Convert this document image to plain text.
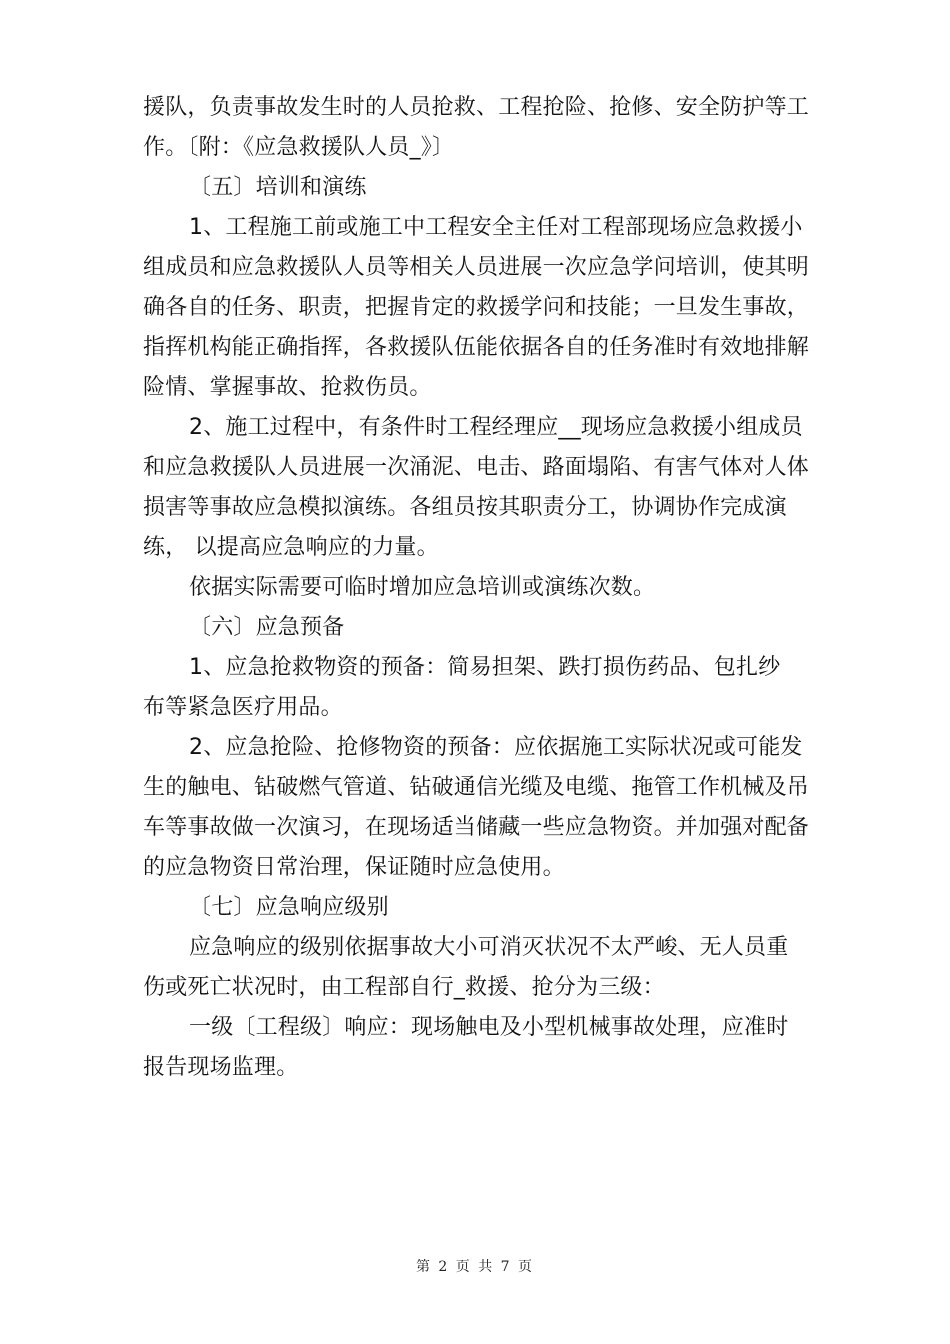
援队，负责事故发生时的人员抢救、工程抢险、抢修、安全防护等工
作。〔附：《应急救援队人员_》〕
〔五〕培训和演练
1、工程施工前或施工中工程安全主任对工程部现场应急救援小
组成员和应急救援队人员等相关人员进展一次应急学问培训，使其明
确各自的任务、职责，把握肯定的救援学问和技能；一旦发生事故，
指挥机构能正确指挥，各救援队伍能依据各自的任务准时有效地排解
险情、掌握事故、抢救伤员。
2、施工过程中，有条件时工程经理应__现场应急救援小组成员
和应急救援队人员进展一次涌泥、电击、路面塌陷、有害气体对人体
损害等事故应急模拟演练。各组员按其职责分工，协调协作完成演
练， 以提高应急响应的力量。
依据实际需要可临时增加应急培训或演练次数。
〔六〕应急预备
1、应急抢救物资的预备：简易担架、跌打损伤药品、包扎纱
布等紧急医疗用品。
2、应急抢险、抢修物资的预备：应依据施工实际状况或可能发
生的触电、钻破燃气管道、钻破通信光缆及电缆、拖管工作机械及吊
车等事故做一次演习，在现场适当储藏一些应急物资。并加强对配备
的应急物资日常治理，保证随时应急使用。
〔七〕应急响应级别
应急响应的级别依据事故大小可消灭状况不太严峻、无人员重
伤或死亡状况时，由工程部自行_救援、抢分为三级：
一级〔工程级〕响应：现场触电及小型机械事故处理，应准时
报告现场监理。
第 2 页 共 7 页
